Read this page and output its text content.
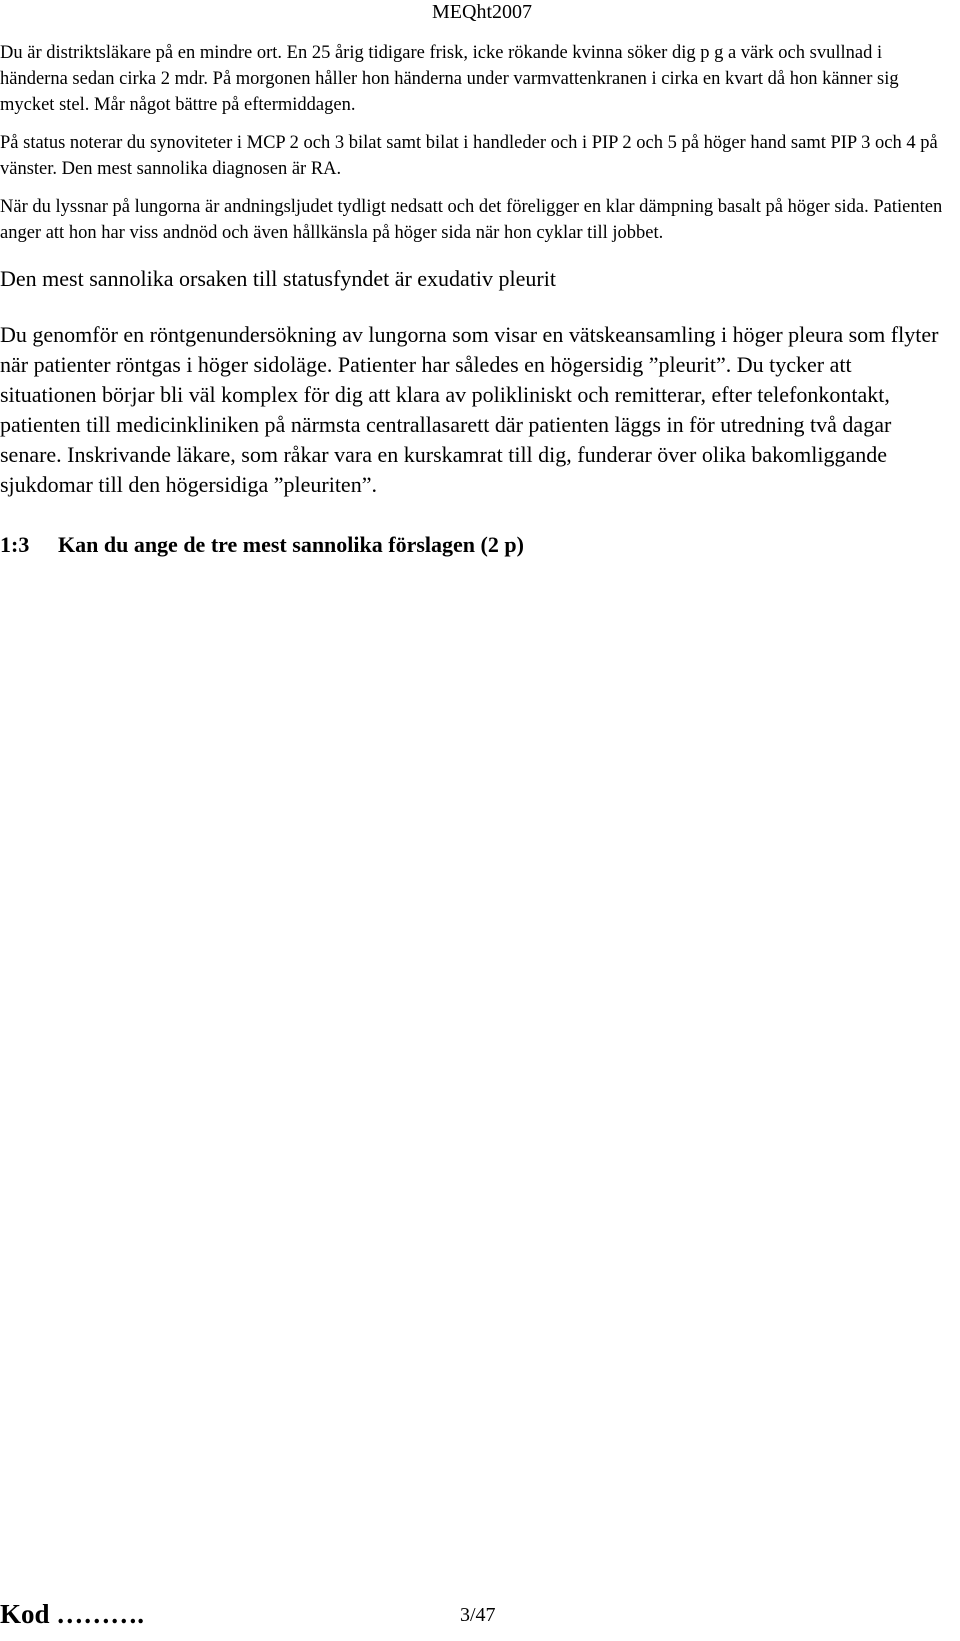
MEQht2007

Du är distriktsläkare på en mindre ort. En 25 årig tidigare frisk, icke rökande kvinna söker dig p g a värk och svullnad i händerna sedan cirka 2 mdr. På morgonen håller hon händerna under varmvattenkranen i cirka en kvart då hon känner sig mycket stel. Mår något bättre på eftermiddagen.

På status noterar du synoviteter i MCP 2 och 3 bilat samt bilat i handleder och i PIP 2 och 5 på höger hand samt PIP 3 och 4 på vänster. Den mest sannolika diagnosen är RA.

När du lyssnar på lungorna är andningsljudet tydligt nedsatt och det föreligger en klar dämpning basalt på höger sida. Patienten anger att hon har viss andnöd och även hållkänsla på höger sida när hon cyklar till jobbet.

Den mest sannolika orsaken till statusfyndet är exudativ pleurit

Du genomför en röntgenundersökning av lungorna som visar en vätskeansamling i höger pleura som flyter när patienter röntgas i höger sidoläge. Patienter har således en högersidig ”pleurit”. Du tycker att situationen börjar bli väl komplex för dig att klara av polikliniskt och remitterar, efter telefonkontakt, patienten till medicinkliniken på närmsta centrallasarett där patienten läggs in för utredning två dagar senare. Inskrivande läkare, som råkar vara en kurskamrat till dig, funderar över olika bakomliggande sjukdomar till den högersidiga ”pleuriten”.

1:3 Kan du ange de tre mest sannolika förslagen (2 p)
Kod ……….	3/47
